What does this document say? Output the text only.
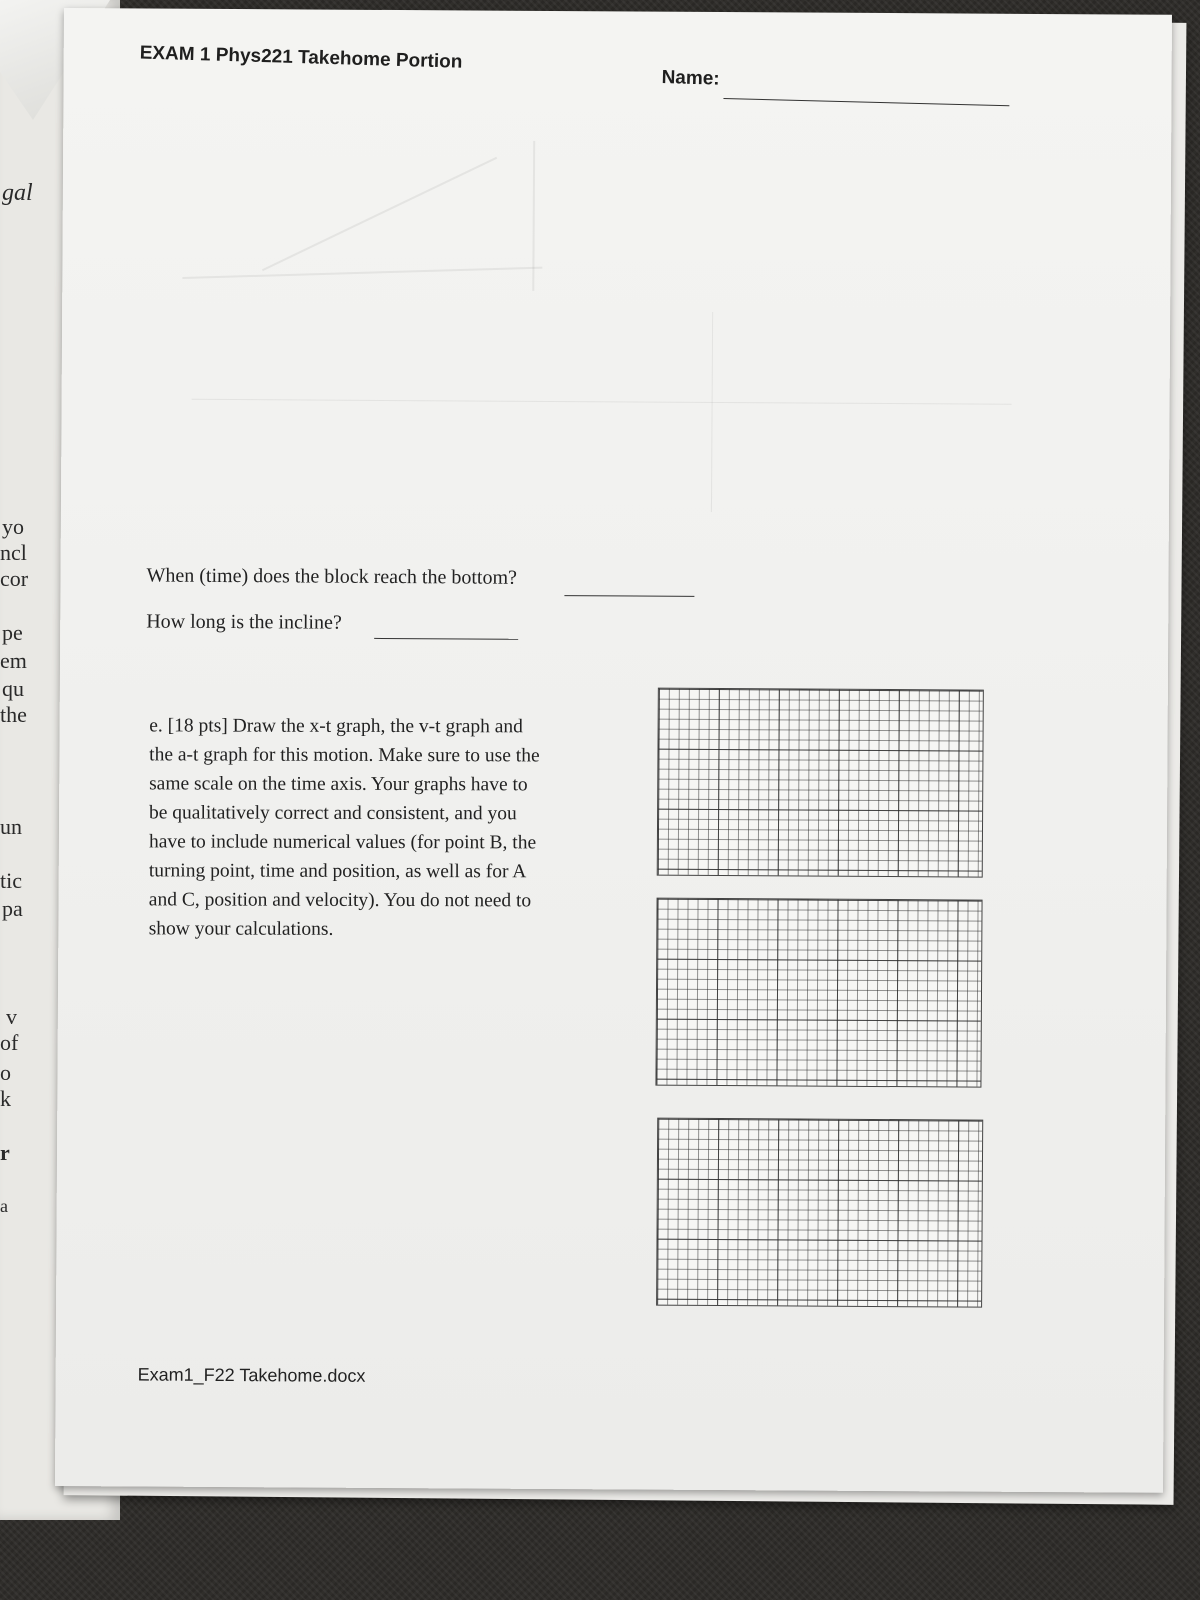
gal
yo
ncl
cor
pe
em
qu
the
un
tic
pa
v
of
o
k
r
a
EXAM 1 Phys221 Takehome Portion
Name:
When (time) does the block reach the bottom?
How long is the incline?
e. [18 pts] Draw the x-t graph, the v-t graph and
the a-t graph for this motion. Make sure to use the
same scale on the time axis. Your graphs have to
be qualitatively correct and consistent, and you
have to include numerical values (for point B, the
turning point, time and position, as well as for A
and C, position and velocity). You do not need to
show your calculations.
Exam1_F22 Takehome.docx
